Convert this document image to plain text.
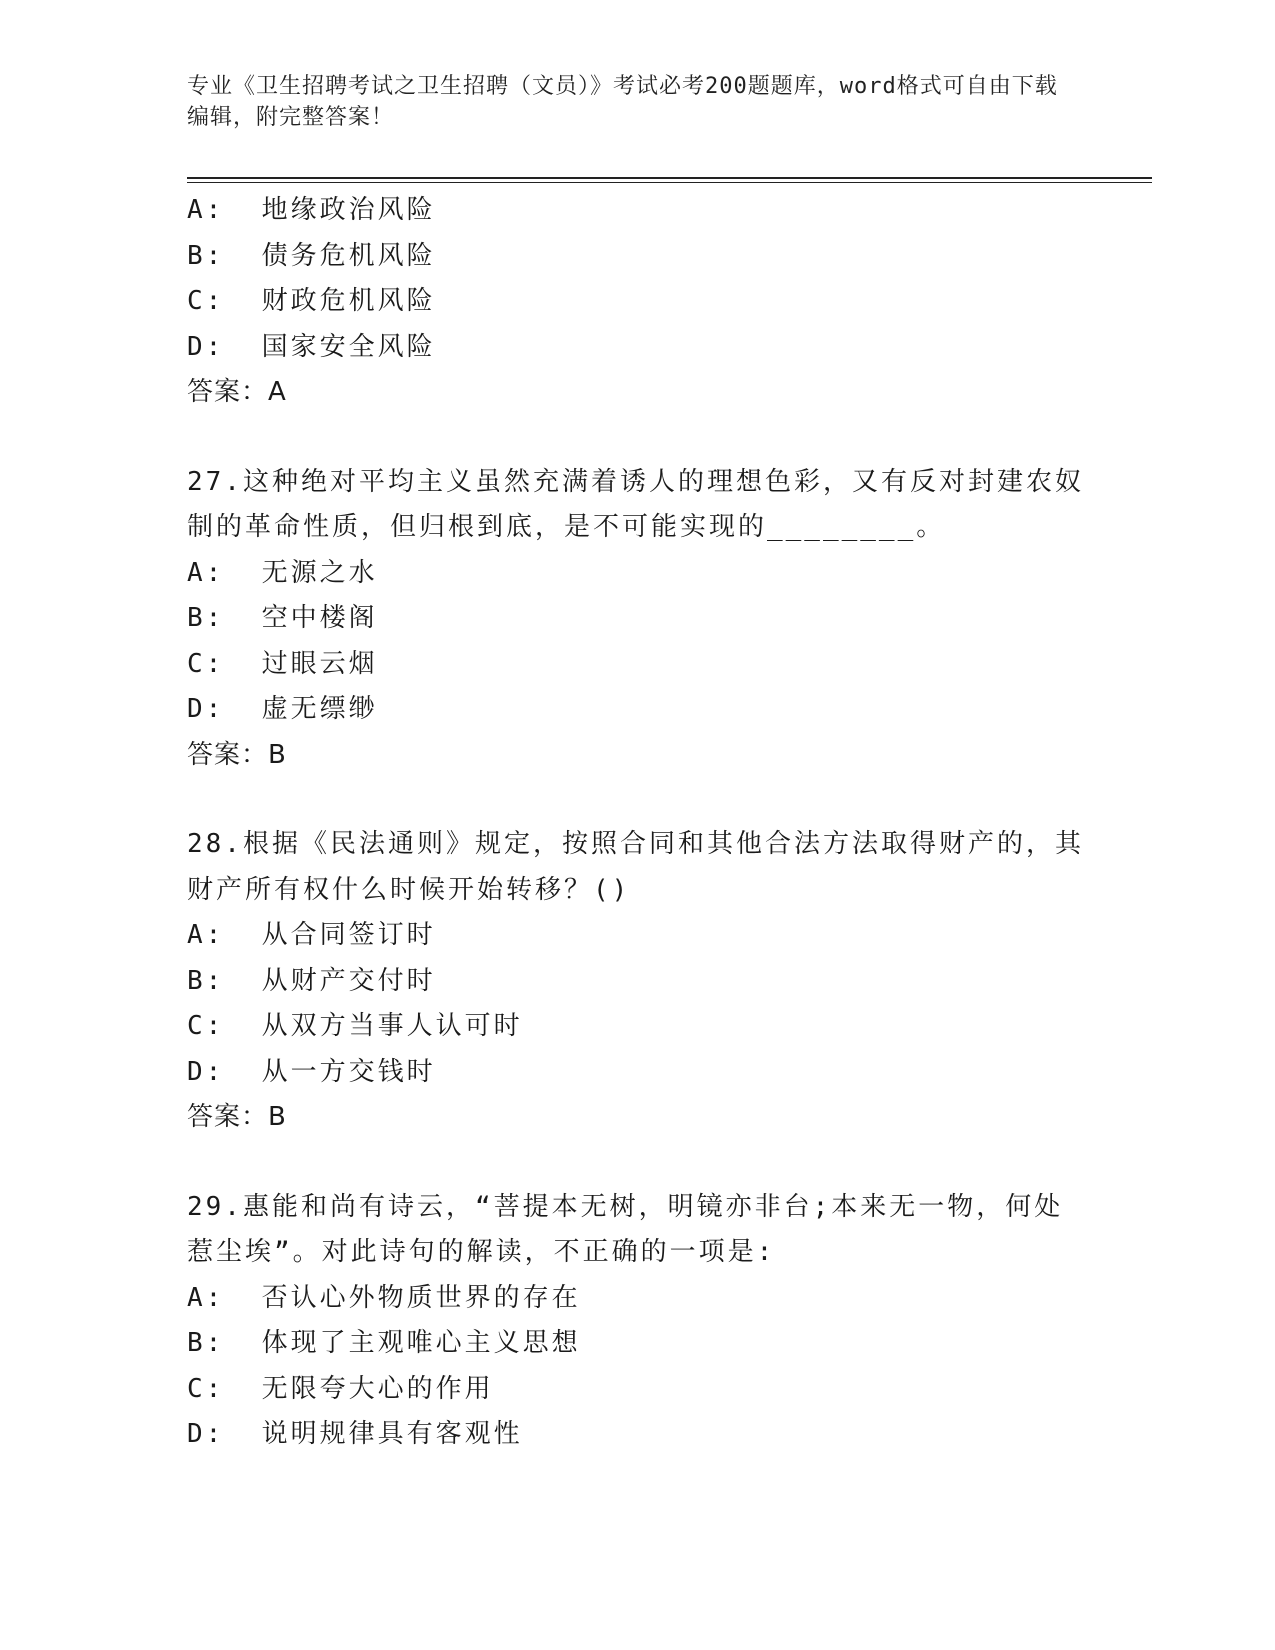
专业《卫生招聘考试之卫生招聘（文员）》考试必考200题题库，word格式可自由下载编辑，附完整答案！

A:  地缘政治风险

B:  债务危机风险

C:  财政危机风险

D:  国家安全风险

答案：A

27.这种绝对平均主义虽然充满着诱人的理想色彩，又有反对封建农奴

制的革命性质，但归根到底，是不可能实现的________。

A:  无源之水

B:  空中楼阁

C:  过眼云烟

D:  虚无缥缈

答案：B

28.根据《民法通则》规定，按照合同和其他合法方法取得财产的，其

财产所有权什么时候开始转移？()

A:  从合同签订时

B:  从财产交付时

C:  从双方当事人认可时

D:  从一方交钱时

答案：B

29.惠能和尚有诗云，“菩提本无树，明镜亦非台;本来无一物，何处

惹尘埃”。对此诗句的解读，不正确的一项是:

A:  否认心外物质世界的存在

B:  体现了主观唯心主义思想

C:  无限夸大心的作用

D:  说明规律具有客观性
